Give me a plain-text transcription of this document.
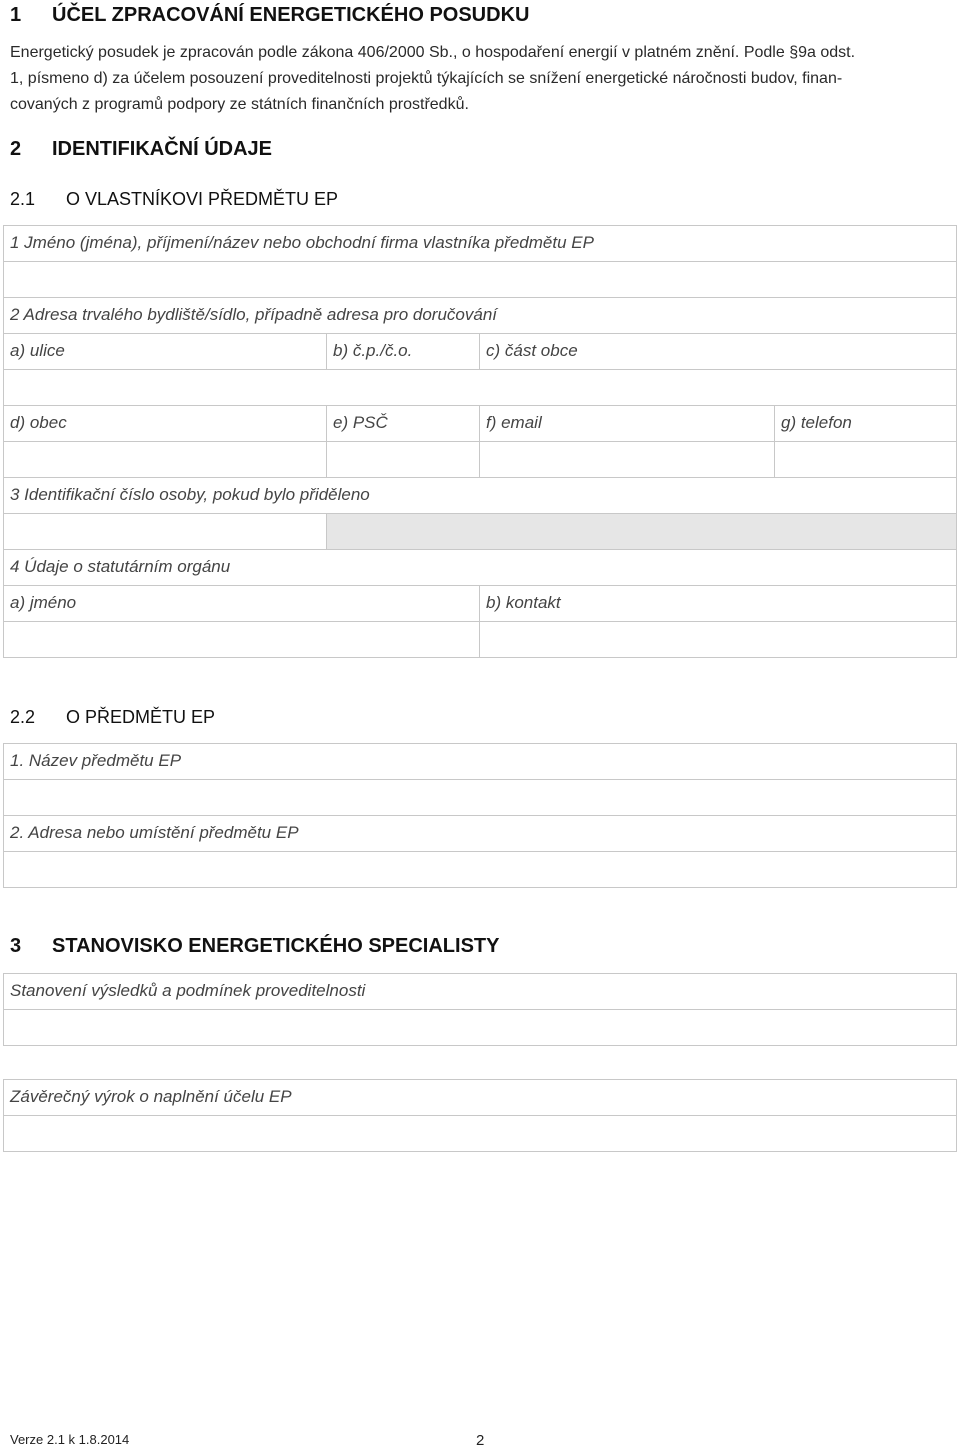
1 ÚČEL ZPRACOVÁNÍ ENERGETICKÉHO POSUDKU
Energetický posudek je zpracován podle zákona 406/2000 Sb., o hospodaření energií v platném znění. Podle §9a odst.
1, písmeno d) za účelem posouzení proveditelnosti projektů týkajících se snížení energetické náročnosti budov, finan-
covaných z programů podpory ze státních finančních prostředků.
2 IDENTIFIKAČNÍ ÚDAJE
2.1 O VLASTNÍKOVI PŘEDMĚTU EP
1 Jméno (jména), příjmení/název nebo obchodní firma vlastníka předmětu EP
2 Adresa trvalého bydliště/sídlo, případně adresa pro doručování
a) ulice	b) č.p./č.o.	c) část obce
d) obec	e) PSČ	f) email	g) telefon
3 Identifikační číslo osoby, pokud bylo přiděleno
4 Údaje o statutárním orgánu
a) jméno	b) kontakt
2.2 O PŘEDMĚTU EP
1. Název předmětu EP
2. Adresa nebo umístění předmětu EP
3 STANOVISKO ENERGETICKÉHO SPECIALISTY
Stanovení výsledků a podmínek proveditelnosti
Závěrečný výrok o naplnění účelu EP
Verze 2.1 k 1.8.2014	2
